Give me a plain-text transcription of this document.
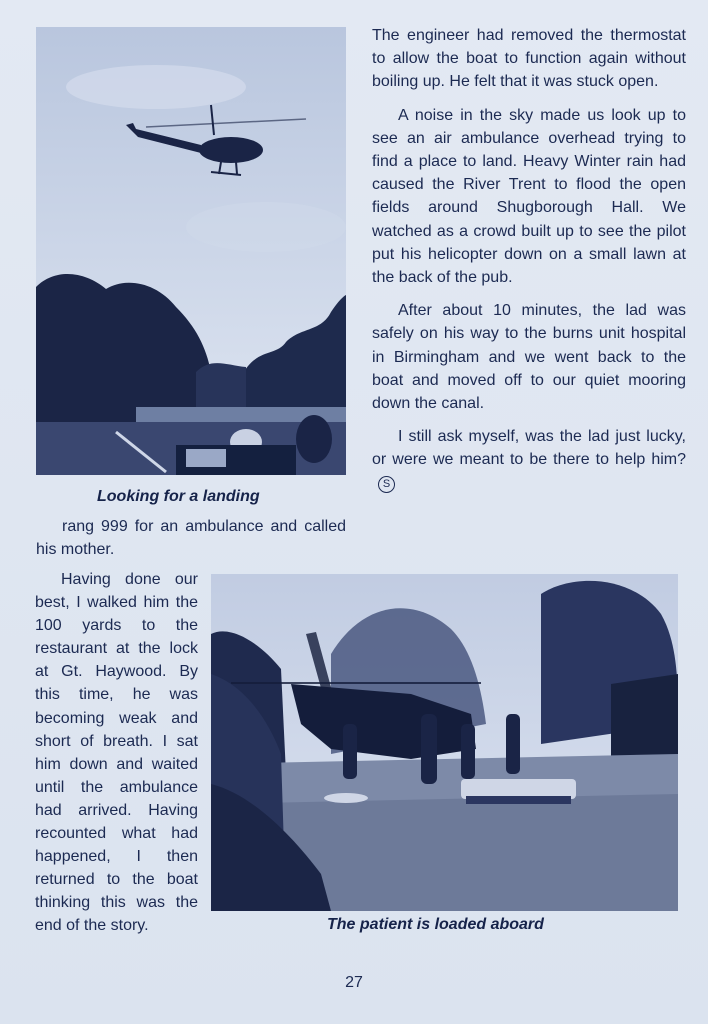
Looking for a landing

The engineer had removed the thermostat to allow the boat to function again without boiling up. He felt that it was stuck open.

A noise in the sky made us look up to see an air ambulance overhead trying to find a place to land. Heavy Winter rain had caused the River Trent to flood the open fields around Shugborough Hall. We watched as a crowd built up to see the pilot put his helicopter down on a small lawn at the back of the pub.

After about 10 minutes, the lad was safely on his way to the burns unit hospital in Birmingham and we went back to the boat and moved off to our quiet mooring down the canal.

I still ask myself, was the lad just lucky, or were we meant to be there to help him?S

rang 999 for an ambulance and called his mother.

Having done our best, I walked him the 100 yards to the restaurant at the lock at Gt. Haywood. By this time, he was becoming weak and short of breath. I sat him down and waited until the ambulance had arrived. Having recounted what had happened, I then returned to the boat thinking this was the end of the story.	The patient is loaded aboard
27
